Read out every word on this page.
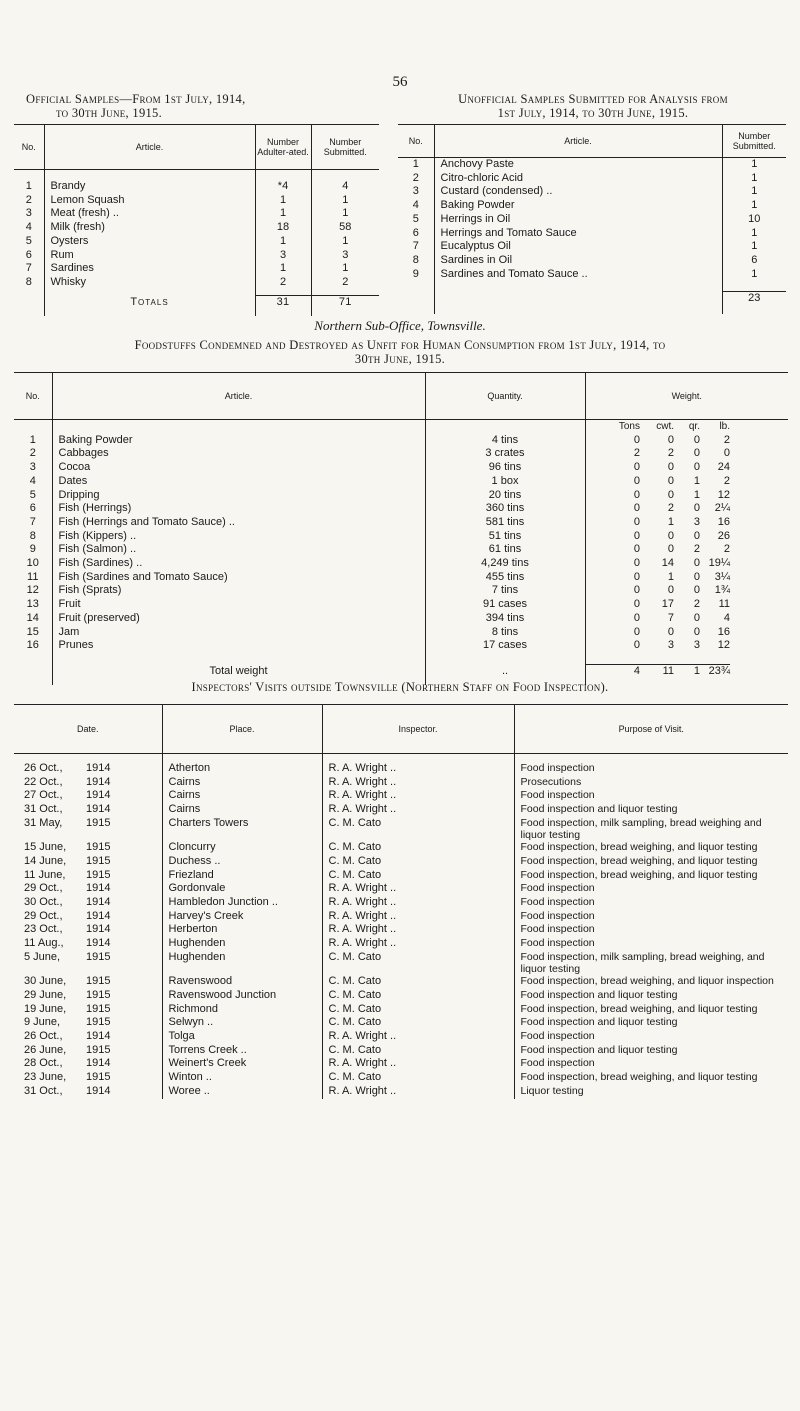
56
Official Samples—From 1st July, 1914,
to 30th June, 1915.
Unofficial Samples Submitted for Analysis from
1st July, 1914, to 30th June, 1915.
No.	Article.	Number Adulter-ated.	Number Submitted.

1	Brandy	*4	4
2	Lemon Squash	1	1
3	Meat (fresh) ..	1	1
4	Milk (fresh)	18	58
5	Oysters	1	1
6	Rum	3	3
7	Sardines	1	1
8	Whisky	2	2

	Totals	31	71

No.	Article.	Number Submitted.
1	Anchovy Paste	1
2	Citro-chloric Acid	1
3	Custard (condensed) ..	1
4	Baking Powder	1
5	Herrings in Oil	10
6	Herrings and Tomato Sauce	1
7	Eucalyptus Oil	1
8	Sardines in Oil	6
9	Sardines and Tomato Sauce ..	1

		23

Northern Sub-Office, Townsville.
Foodstuffs Condemned and Destroyed as Unfit for Human Consumption from 1st July, 1914, to
30th June, 1915.
No.	Article.	Quantity.	Weight.				
			Tons	cwt.	qr.	lb.	
1	Baking Powder	4 tins	0	0	0	2	
2	Cabbages	3 crates	2	2	0	0	
3	Cocoa	96 tins	0	0	0	24	
4	Dates	1 box	0	0	1	2	
5	Dripping	20 tins	0	0	1	12	
6	Fish (Herrings)	360 tins	0	2	0	2¼	
7	Fish (Herrings and Tomato Sauce) ..	581 tins	0	1	3	16	
8	Fish (Kippers) ..	51 tins	0	0	0	26	
9	Fish (Salmon) ..	61 tins	0	0	2	2	
10	Fish (Sardines) ..	4,249 tins	0	14	0	19¼	
11	Fish (Sardines and Tomato Sauce)	455 tins	0	1	0	3¼	
12	Fish (Sprats)	7 tins	0	0	0	1¾	
13	Fruit	91 cases	0	17	2	11	
14	Fruit (preserved)	394 tins	0	7	0	4	
15	Jam	8 tins	0	0	0	16	
16	Prunes	17 cases	0	3	3	12	

	Total weight	..	4	11	1	23¾	

Inspectors' Visits outside Townsville (Northern Staff on Food Inspection).
Date.	Place.	Inspector.	Purpose of Visit.

26 Oct., 1914	Atherton	R. A. Wright ..	Food inspection
22 Oct., 1914	Cairns	R. A. Wright ..	Prosecutions
27 Oct., 1914	Cairns	R. A. Wright ..	Food inspection
31 Oct., 1914	Cairns	R. A. Wright ..	Food inspection and liquor testing
31 May, 1915	Charters Towers	C. M. Cato	Food inspection, milk sampling, bread weighing and liquor testing
15 June, 1915	Cloncurry	C. M. Cato	Food inspection, bread weighing, and liquor testing
14 June, 1915	Duchess ..	C. M. Cato	Food inspection, bread weighing, and liquor testing
11 June, 1915	Friezland	C. M. Cato	Food inspection, bread weighing, and liquor testing
29 Oct., 1914	Gordonvale	R. A. Wright ..	Food inspection
30 Oct., 1914	Hambledon Junction ..	R. A. Wright ..	Food inspection
29 Oct., 1914	Harvey's Creek	R. A. Wright ..	Food inspection
23 Oct., 1914	Herberton	R. A. Wright ..	Food inspection
11 Aug., 1914	Hughenden	R. A. Wright ..	Food inspection
5 June, 1915	Hughenden	C. M. Cato	Food inspection, milk sampling, bread weighing, and liquor testing
30 June, 1915	Ravenswood	C. M. Cato	Food inspection, bread weighing, and liquor inspection
29 June, 1915	Ravenswood Junction	C. M. Cato	Food inspection and liquor testing
19 June, 1915	Richmond	C. M. Cato	Food inspection, bread weighing, and liquor testing
9 June, 1915	Selwyn ..	C. M. Cato	Food inspection and liquor testing
26 Oct., 1914	Tolga	R. A. Wright ..	Food inspection
26 June, 1915	Torrens Creek ..	C. M. Cato	Food inspection and liquor testing
28 Oct., 1914	Weinert's Creek	R. A. Wright ..	Food inspection
23 June, 1915	Winton ..	C. M. Cato	Food inspection, bread weighing, and liquor testing
31 Oct., 1914	Woree ..	R. A. Wright ..	Liquor testing
